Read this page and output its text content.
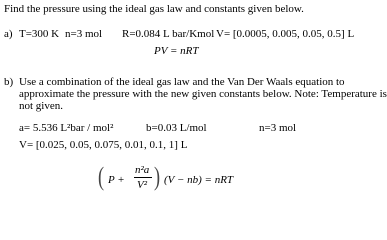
Find the pressure using the ideal gas law and constants given below.
a) T=300 K n=3 mol R=0.084 L bar/Kmol V= [0.0005, 0.005, 0.05, 0.5] L
PV = nRT
b) Use a combination of the ideal gas law and the Van Der Waals equation to
approximate the pressure with the new given constants below. Note: Temperature is
not given.
a= 5.536 L²bar / mol²	b=0.03 L/mol	n=3 mol
V= [0.025, 0.05, 0.075, 0.01, 0.1, 1] L
( P +
n²a
V² ) (V − nb) = nRT
